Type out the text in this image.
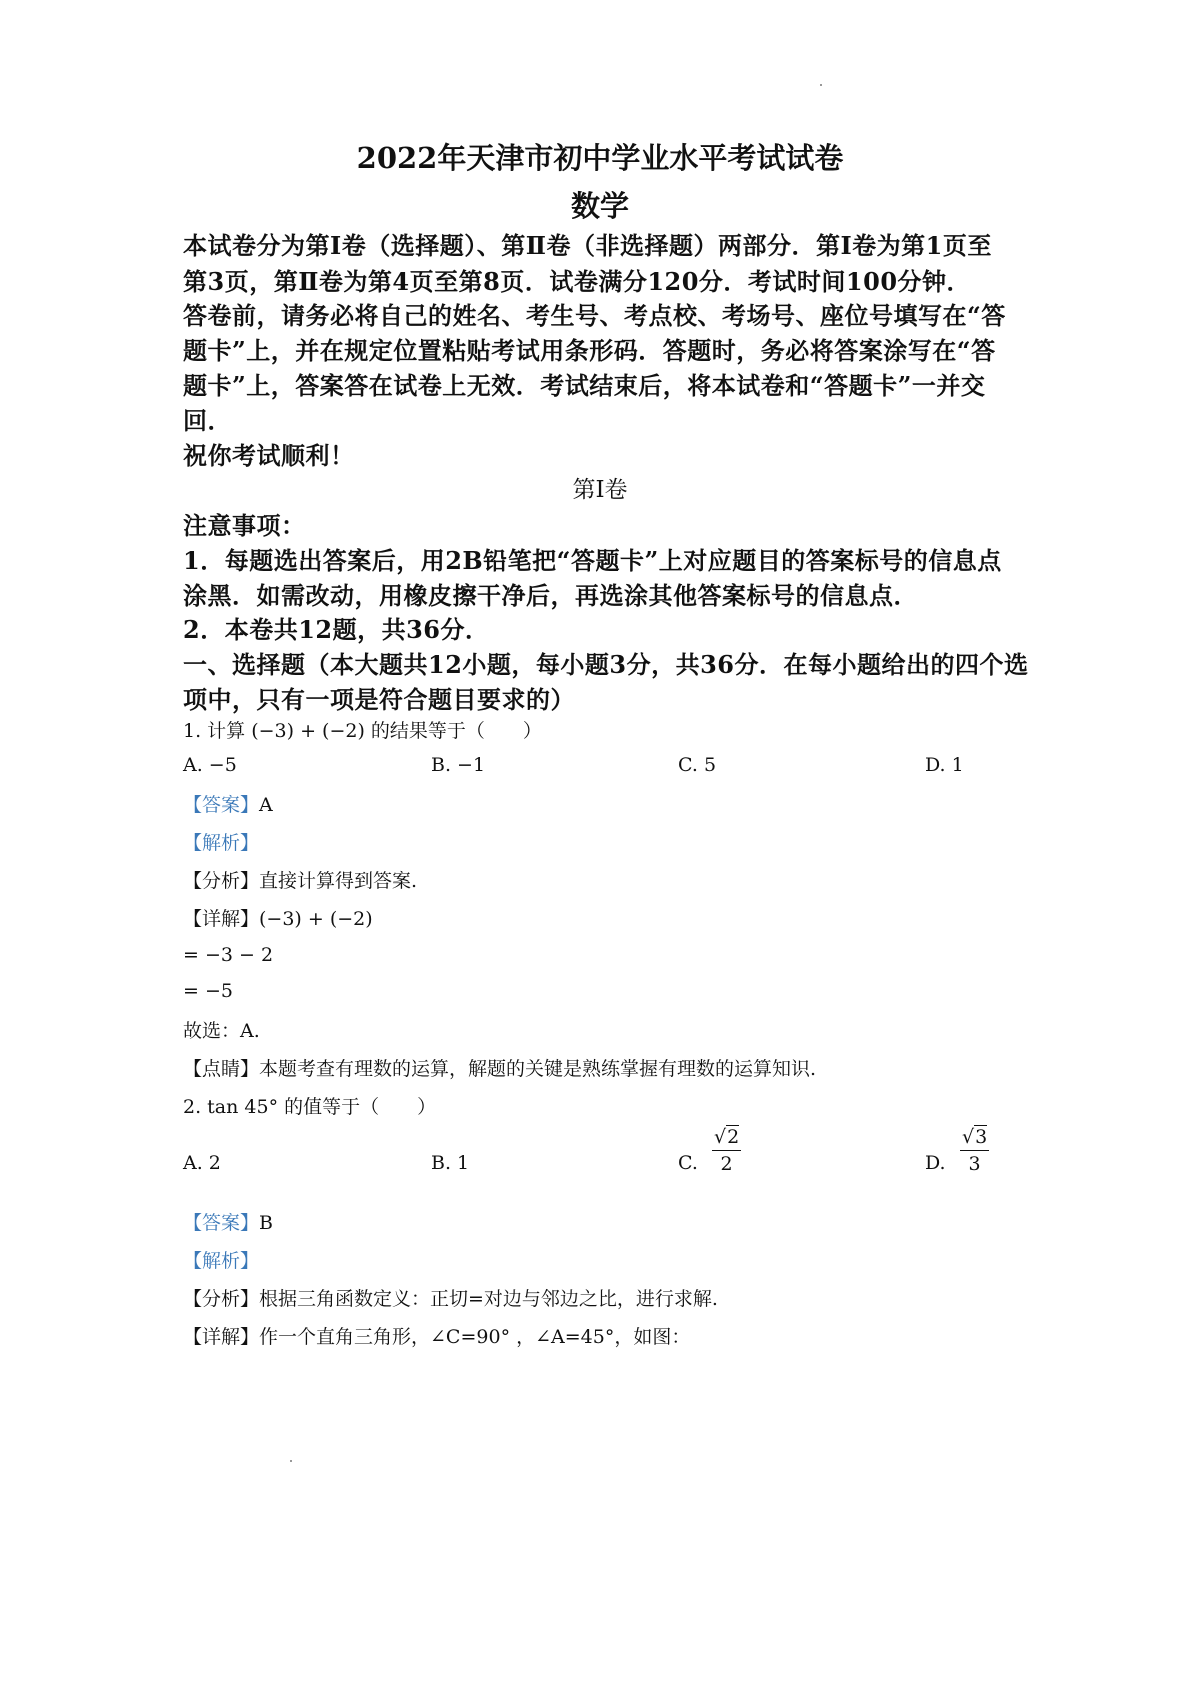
2022年天津市初中学业水平考试试卷
数学
本试卷分为第Ⅰ卷（选择题）、第Ⅱ卷（非选择题）两部分．第Ⅰ卷为第1页至
第3页，第Ⅱ卷为第4页至第8页．试卷满分120分．考试时间100分钟．
答卷前，请务必将自己的姓名、考生号、考点校、考场号、座位号填写在“答
题卡”上，并在规定位置粘贴考试用条形码．答题时，务必将答案涂写在“答
题卡”上，答案答在试卷上无效．考试结束后，将本试卷和“答题卡”一并交
回．
祝你考试顺利！
第Ⅰ卷
注意事项：
1．每题选出答案后，用2B铅笔把“答题卡”上对应题目的答案标号的信息点
涂黑．如需改动，用橡皮擦干净后，再选涂其他答案标号的信息点．
2．本卷共12题，共36分．
一、选择题（本大题共12小题，每小题3分，共36分．在每小题给出的四个选
项中，只有一项是符合题目要求的）
1. 计算 (−3) + (−2) 的结果等于（　　）
A. −5	B. −1	C. 5	D. 1
【答案】A
【解析】
【分析】直接计算得到答案.
【详解】(−3) + (−2)
= −3 − 2
= −5
故选：A.
【点睛】本题考查有理数的运算，解题的关键是熟练掌握有理数的运算知识.
2. tan 45° 的值等于（　　）
A. 2	B. 1	C.
√2
2	D.
√3
3
【答案】B
【解析】
【分析】根据三角函数定义：正切=对边与邻边之比，进行求解.
【详解】作一个直角三角形，∠C=90° ，∠A=45°，如图：
